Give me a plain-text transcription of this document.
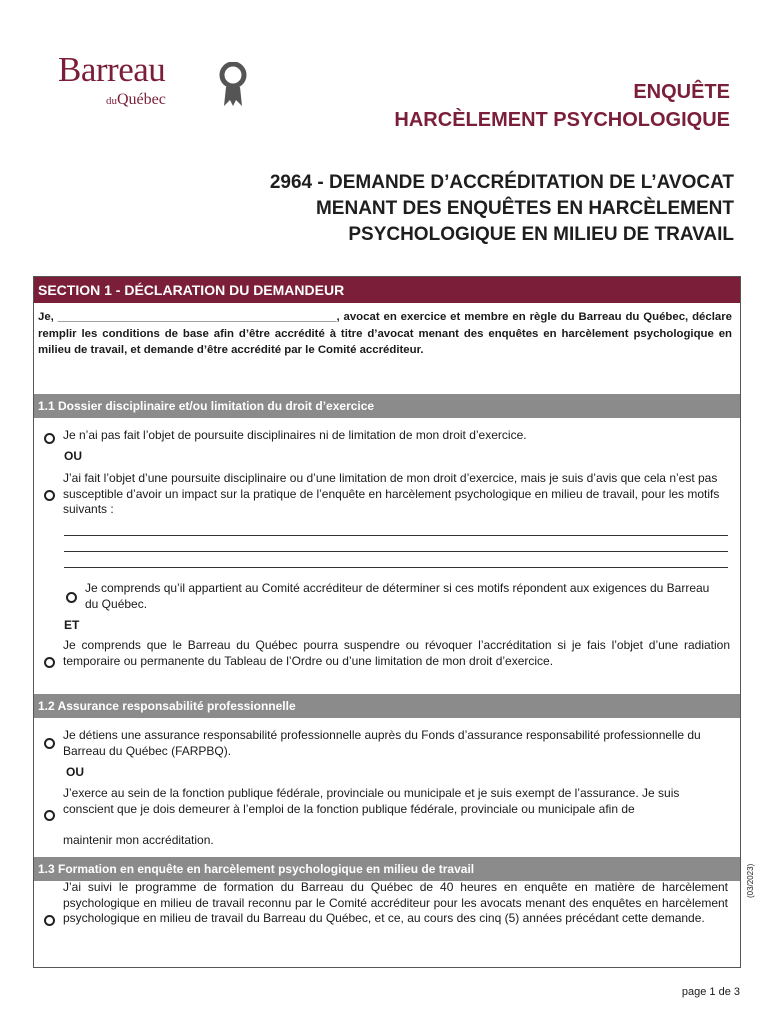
Barreau
duQuébec	ENQUÊTE
HARCÈLEMENT PSYCHOLOGIQUE
2964 - DEMANDE D’ACCRÉDITATION DE L’AVOCAT
MENANT DES ENQUÊTES EN HARCÈLEMENT
PSYCHOLOGIQUE EN MILIEU DE TRAVAIL
SECTION 1 - DÉCLARATION DU DEMANDEUR

Je, ____________________________________________, avocat en exercice et membre en règle du Barreau du Québec, déclare remplir les conditions de base afin d’être accrédité à titre d’avocat menant des enquêtes en harcèlement psychologique en milieu de travail, et demande d’être accrédité par le Comité accréditeur.

1.1 Dossier disciplinaire et/ou limitation du droit d’exercice

Je n’ai pas fait l’objet de poursuite disciplinaires ni de limitation de mon droit d’exercice.

OU

J’ai fait l’objet d’une poursuite disciplinaire ou d’une limitation de mon droit d’exercice, mais je suis d’avis que cela n’est pas susceptible d’avoir un impact sur la pratique de l’enquête en harcèlement psychologique en milieu de travail, pour les motifs suivants :

Je comprends qu’il appartient au Comité accréditeur de déterminer si ces motifs répondent aux exigences du Barreau du Québec.

ET

Je comprends que le Barreau du Québec pourra suspendre ou révoquer l’accréditation si je fais l’objet d’une radiation temporaire ou permanente du Tableau de l’Ordre ou d’une limitation de mon droit d’exercice.

1.2 Assurance responsabilité professionnelle

Je détiens une assurance responsabilité professionnelle auprès du Fonds d’assurance responsabilité professionnelle du Barreau du Québec (FARPBQ).

OU

J’exerce au sein de la fonction publique fédérale, provinciale ou municipale et je suis exempt de l’assurance. Je suis conscient que je dois demeurer à l’emploi de la fonction publique fédérale, provinciale ou municipale afin de

maintenir mon accréditation.

1.3 Formation en enquête en harcèlement psychologique en milieu de travail

J’ai suivi le programme de formation du Barreau du Québec de 40 heures en enquête en matière de harcèlement psychologique en milieu de travail reconnu par le Comité accréditeur pour les avocats menant des enquêtes en harcèlement psychologique en milieu de travail du Barreau du Québec, et ce, au cours des cinq (5) années précédant cette demande.

(03/2023)
page 1 de 3
